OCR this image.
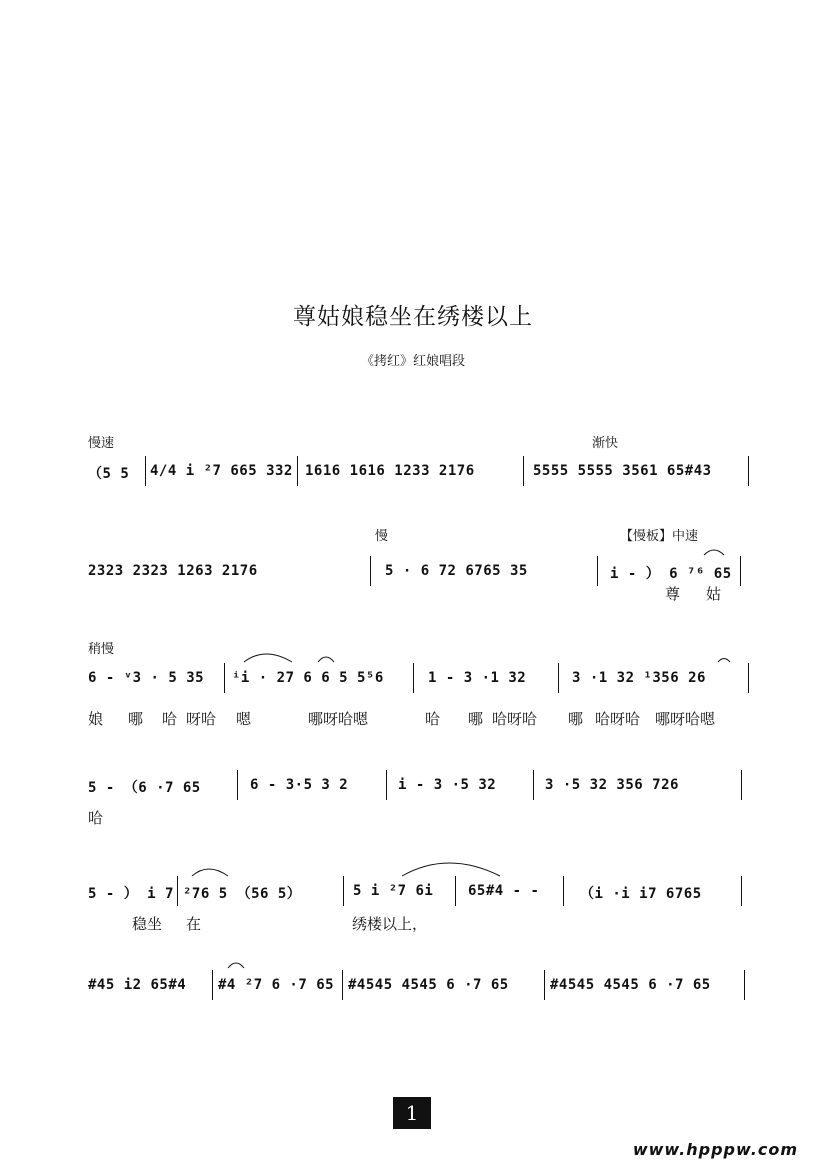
尊姑娘稳坐在绣楼以上
《拷红》红娘唱段
慢速	渐快
（5 5 4/4 i ²7 665 332 1616 1616 1233 2176	5555 5555 3561 65#43
慢	【慢板】中速
2323 2323 1263 2176	5 · 6 72 6765 35	i - ） 6 ⁷⁶ 65
尊 姑
稍慢
6 - ᵛ3 · 5 35 ⁱi · 27 6 6 5 5⁵6	1 - 3 ·1 32	3 ·1 32 ¹356 26
娘 哪 哈 呀哈 嗯	哪呀哈嗯	哈 哪 哈呀哈 哪 哈呀哈 哪呀哈嗯
5 - （6 ·7 65	6 - 3·5 3 2	i - 3 ·5 32	3 ·5 32 356 726
哈
5 - ） i 7 ²76 5 （56 5）	5 i ²7 6i 65#4 - -	（i ·i i7 6765
稳坐 在	绣楼以上，
#45 i2 65#4 #4 ²7 6 ·7 65 #4545 4545 6 ·7 65	#4545 4545 6 ·7 65
1
www.hpppw.com
